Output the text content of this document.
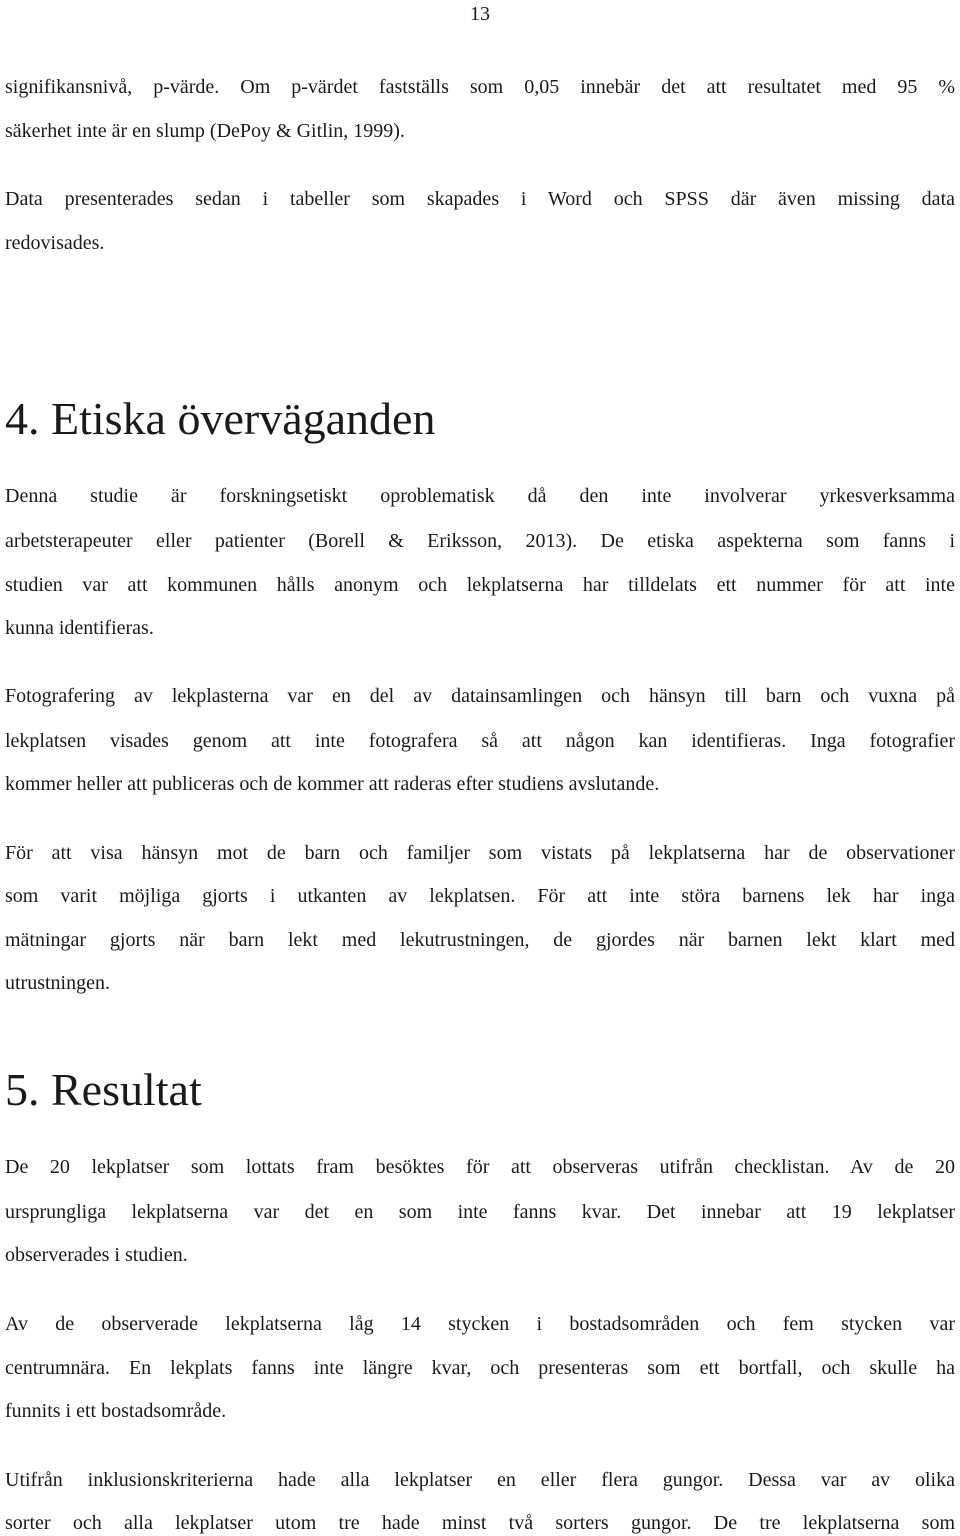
13
signifikansnivå, p-värde. Om p-värdet fastställs som 0,05 innebär det att resultatet med 95 %
säkerhet inte är en slump (DePoy & Gitlin, 1999).
Data presenterades sedan i tabeller som skapades i Word och SPSS där även missing data
redovisades.
4. Etiska överväganden
Denna studie är forskningsetiskt oproblematisk då den inte involverar yrkesverksamma
arbetsterapeuter eller patienter (Borell & Eriksson, 2013). De etiska aspekterna som fanns i
studien var att kommunen hålls anonym och lekplatserna har tilldelats ett nummer för att inte
kunna identifieras.
Fotografering av lekplasterna var en del av datainsamlingen och hänsyn till barn och vuxna på
lekplatsen visades genom att inte fotografera så att någon kan identifieras. Inga fotografier
kommer heller att publiceras och de kommer att raderas efter studiens avslutande.
För att visa hänsyn mot de barn och familjer som vistats på lekplatserna har de observationer
som varit möjliga gjorts i utkanten av lekplatsen. För att inte störa barnens lek har inga
mätningar gjorts när barn lekt med lekutrustningen, de gjordes när barnen lekt klart med
utrustningen.
5. Resultat
De 20 lekplatser som lottats fram besöktes för att observeras utifrån checklistan. Av de 20
ursprungliga lekplatserna var det en som inte fanns kvar. Det innebar att 19 lekplatser
observerades i studien.
Av de observerade lekplatserna låg 14 stycken i bostadsområden och fem stycken var
centrumnära. En lekplats fanns inte längre kvar, och presenteras som ett bortfall, och skulle ha
funnits i ett bostadsområde.
Utifrån inklusionskriterierna hade alla lekplatser en eller flera gungor. Dessa var av olika
sorter och alla lekplatser utom tre hade minst två sorters gungor. De tre lekplatserna som
